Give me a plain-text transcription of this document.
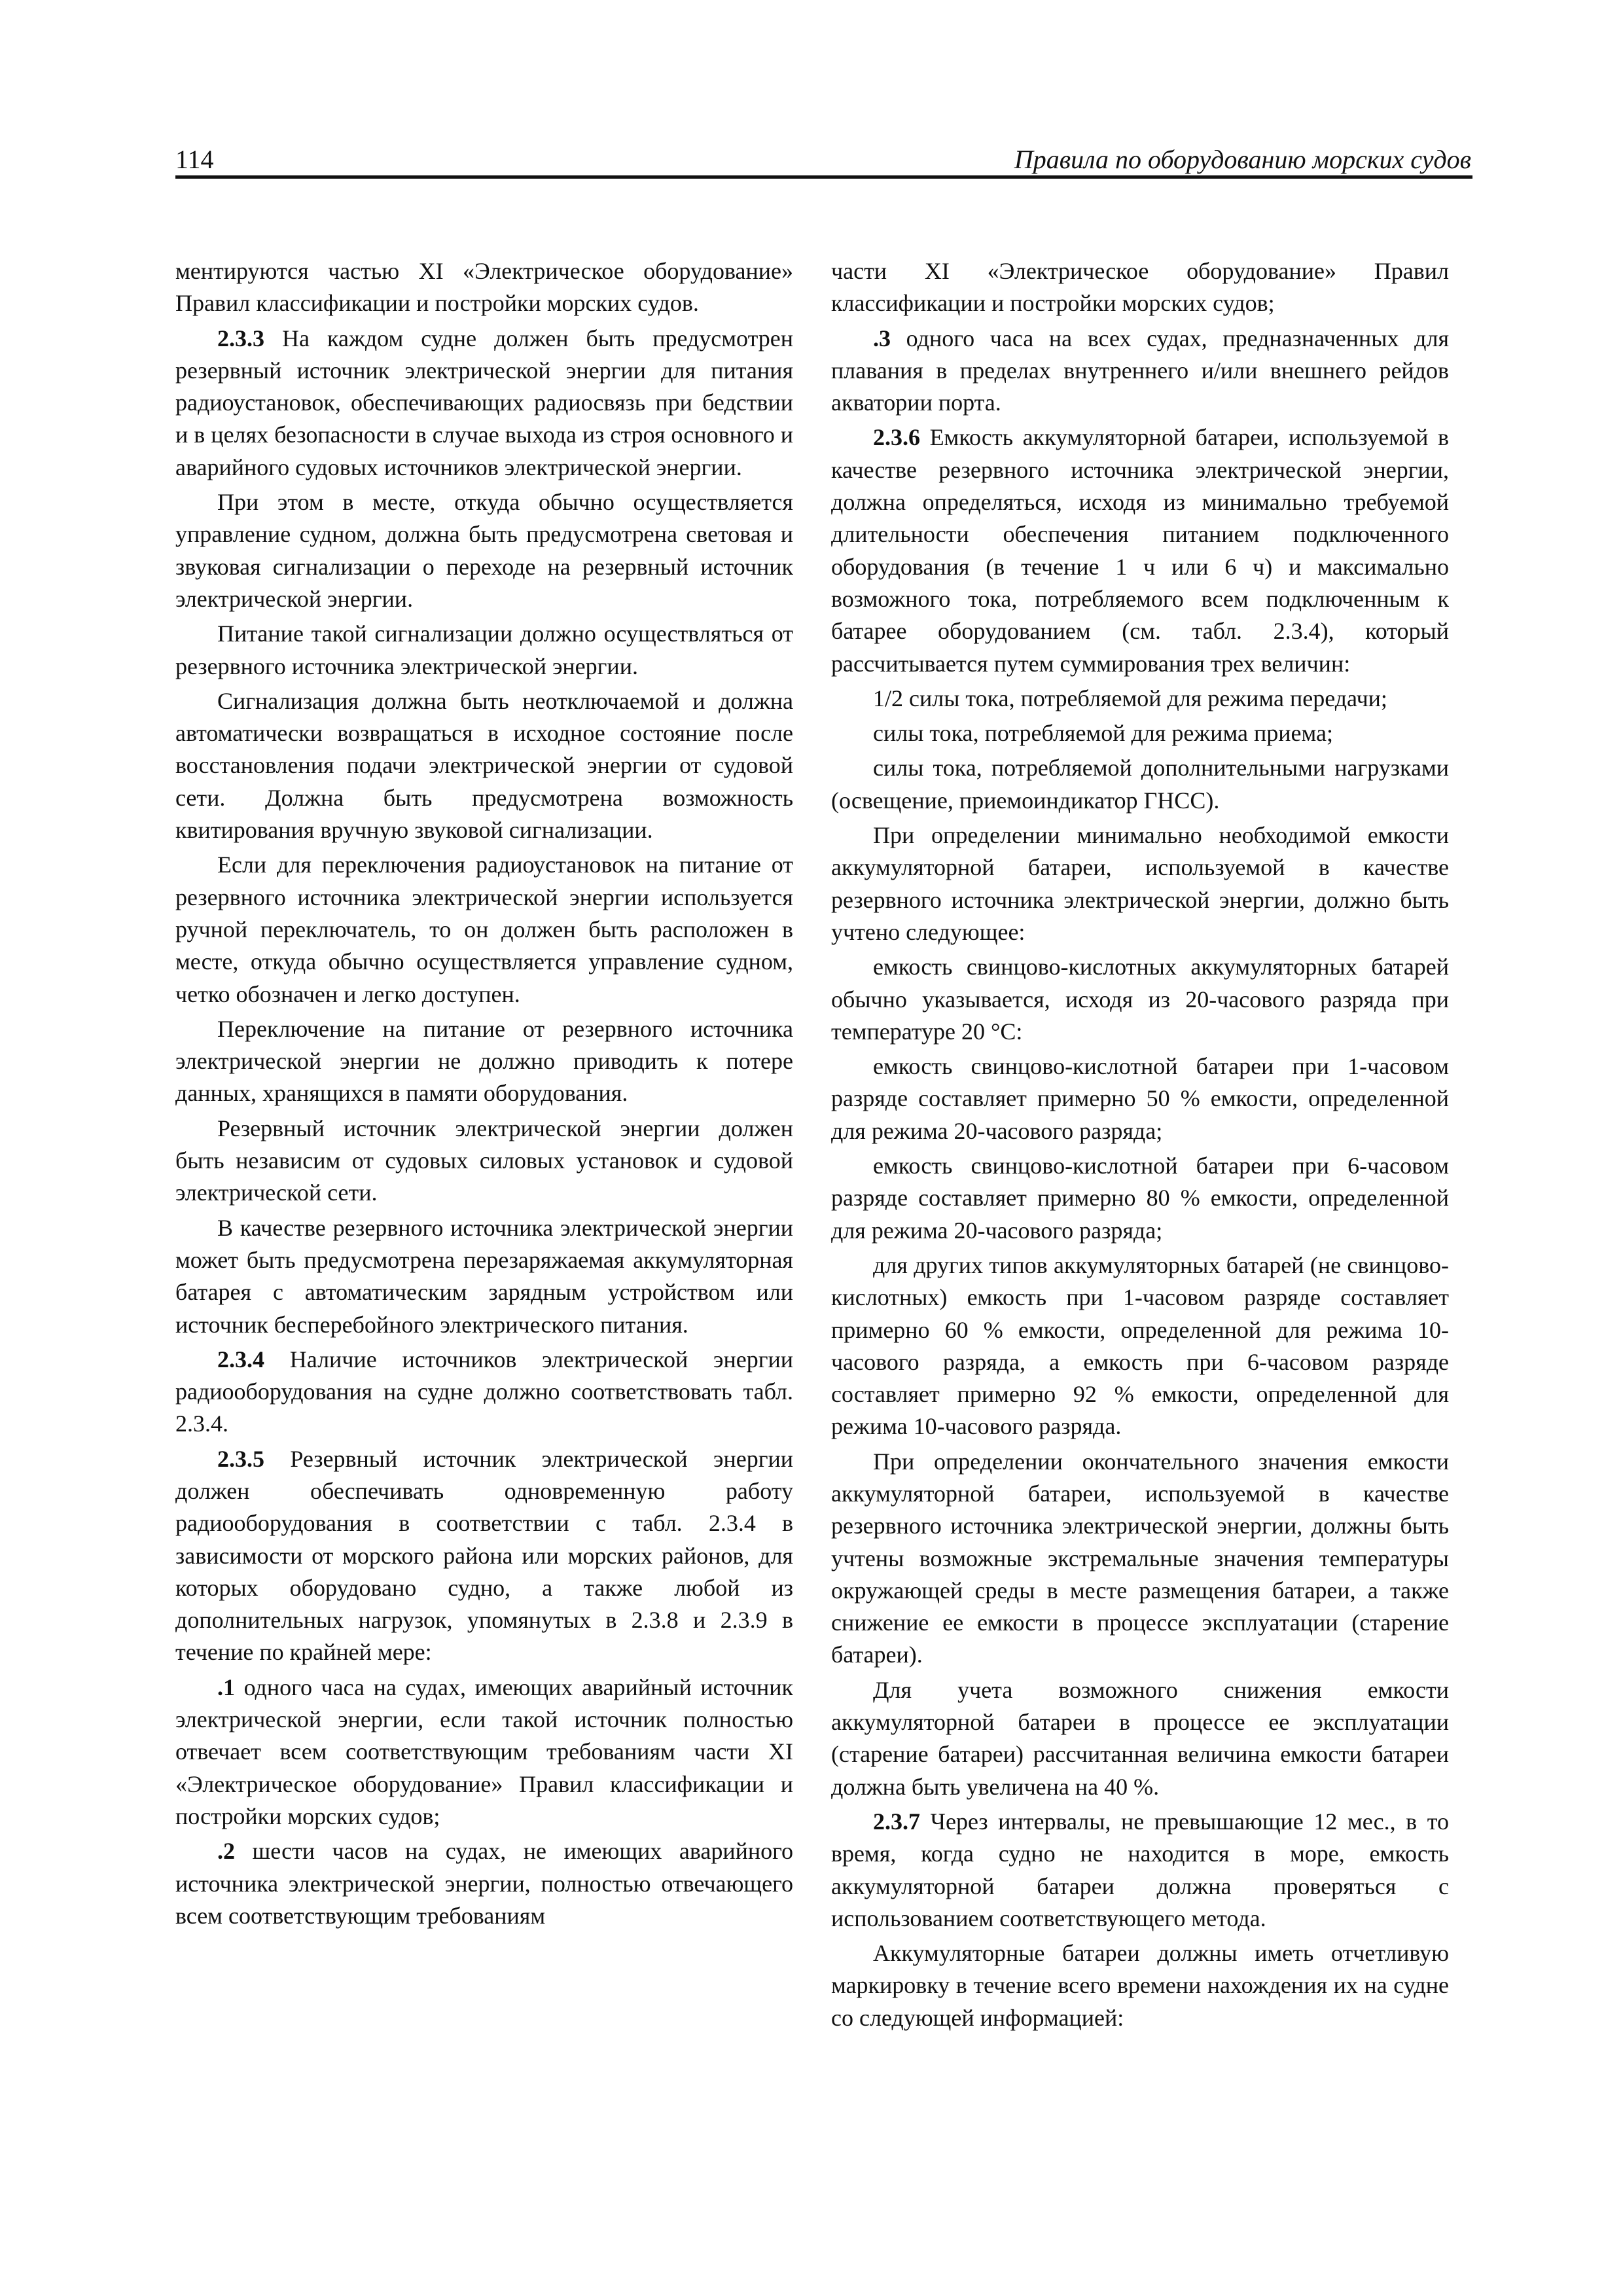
114	Правила по оборудованию морских судов

ментируются частью XI «Электрическое оборудование» Правил классификации и постройки морских судов.

2.3.3 На каждом судне должен быть предусмотрен резервный источник электрической энергии для питания радиоустановок, обеспечивающих радиосвязь при бедствии и в целях безопасности в случае выхода из строя основного и аварийного судовых источников электрической энергии.

При этом в месте, откуда обычно осуществляется управление судном, должна быть предусмотрена световая и звуковая сигнализации о переходе на резервный источник электрической энергии.

Питание такой сигнализации должно осуществляться от резервного источника электрической энергии.

Сигнализация должна быть неотключаемой и должна автоматически возвращаться в исходное состояние после восстановления подачи электрической энергии от судовой сети. Должна быть предусмотрена возможность квитирования вручную звуковой сигнализации.

Если для переключения радиоустановок на питание от резервного источника электрической энергии используется ручной переключатель, то он должен быть расположен в месте, откуда обычно осуществляется управление судном, четко обозначен и легко доступен.

Переключение на питание от резервного источника электрической энергии не должно приводить к потере данных, хранящихся в памяти оборудования.

Резервный источник электрической энергии должен быть независим от судовых силовых установок и судовой электрической сети.

В качестве резервного источника электрической энергии может быть предусмотрена перезаряжаемая аккумуляторная батарея с автоматическим зарядным устройством или источник бесперебойного электрического питания.

2.3.4 Наличие источников электрической энергии радиооборудования на судне должно соответствовать табл. 2.3.4.

2.3.5 Резервный источник электрической энергии должен обеспечивать одновременную работу радиооборудования в соответствии с табл. 2.3.4 в зависимости от морского района или морских районов, для которых оборудовано судно, а также любой из дополнительных нагрузок, упомянутых в 2.3.8 и 2.3.9 в течение по крайней мере:

.1 одного часа на судах, имеющих аварийный источник электрической энергии, если такой источник полностью отвечает всем соответствующим требованиям части XI «Электрическое оборудование» Правил классификации и постройки морских судов;

.2 шести часов на судах, не имеющих аварийного источника электрической энергии, полностью отвечающего всем соответствующим требованиям

части XI «Электрическое оборудование» Правил классификации и постройки морских судов;

.3 одного часа на всех судах, предназначенных для плавания в пределах внутреннего и/или внешнего рейдов акватории порта.

2.3.6 Емкость аккумуляторной батареи, используемой в качестве резервного источника электрической энергии, должна определяться, исходя из минимально требуемой длительности обеспечения питанием подключенного оборудования (в течение 1 ч или 6 ч) и максимально возможного тока, потребляемого всем подключенным к батарее оборудованием (см. табл. 2.3.4), который рассчитывается путем суммирования трех величин:

1/2 силы тока, потребляемой для режима передачи;

силы тока, потребляемой для режима приема;

силы тока, потребляемой дополнительными нагрузками (освещение, приемоиндикатор ГНСС).

При определении минимально необходимой емкости аккумуляторной батареи, используемой в качестве резервного источника электрической энергии, должно быть учтено следующее:

емкость свинцово-кислотных аккумуляторных батарей обычно указывается, исходя из 20-часового разряда при температуре 20 °С:

емкость свинцово-кислотной батареи при 1-часовом разряде составляет примерно 50 % емкости, определенной для режима 20-часового разряда;

емкость свинцово-кислотной батареи при 6-часовом разряде составляет примерно 80 % емкости, определенной для режима 20-часового разряда;

для других типов аккумуляторных батарей (не свинцово-кислотных) емкость при 1-часовом разряде составляет примерно 60 % емкости, определенной для режима 10-часового разряда, а емкость при 6-часовом разряде составляет примерно 92 % емкости, определенной для режима 10-часового разряда.

При определении окончательного значения емкости аккумуляторной батареи, используемой в качестве резервного источника электрической энергии, должны быть учтены возможные экстремальные значения температуры окружающей среды в месте размещения батареи, а также снижение ее емкости в процессе эксплуатации (старение батареи).

Для учета возможного снижения емкости аккумуляторной батареи в процессе ее эксплуатации (старение батареи) рассчитанная величина емкости батареи должна быть увеличена на 40 %.

2.3.7 Через интервалы, не превышающие 12 мес., в то время, когда судно не находится в море, емкость аккумуляторной батареи должна проверяться с использованием соответствующего метода.

Аккумуляторные батареи должны иметь отчетливую маркировку в течение всего времени нахождения их на судне со следующей информацией:
